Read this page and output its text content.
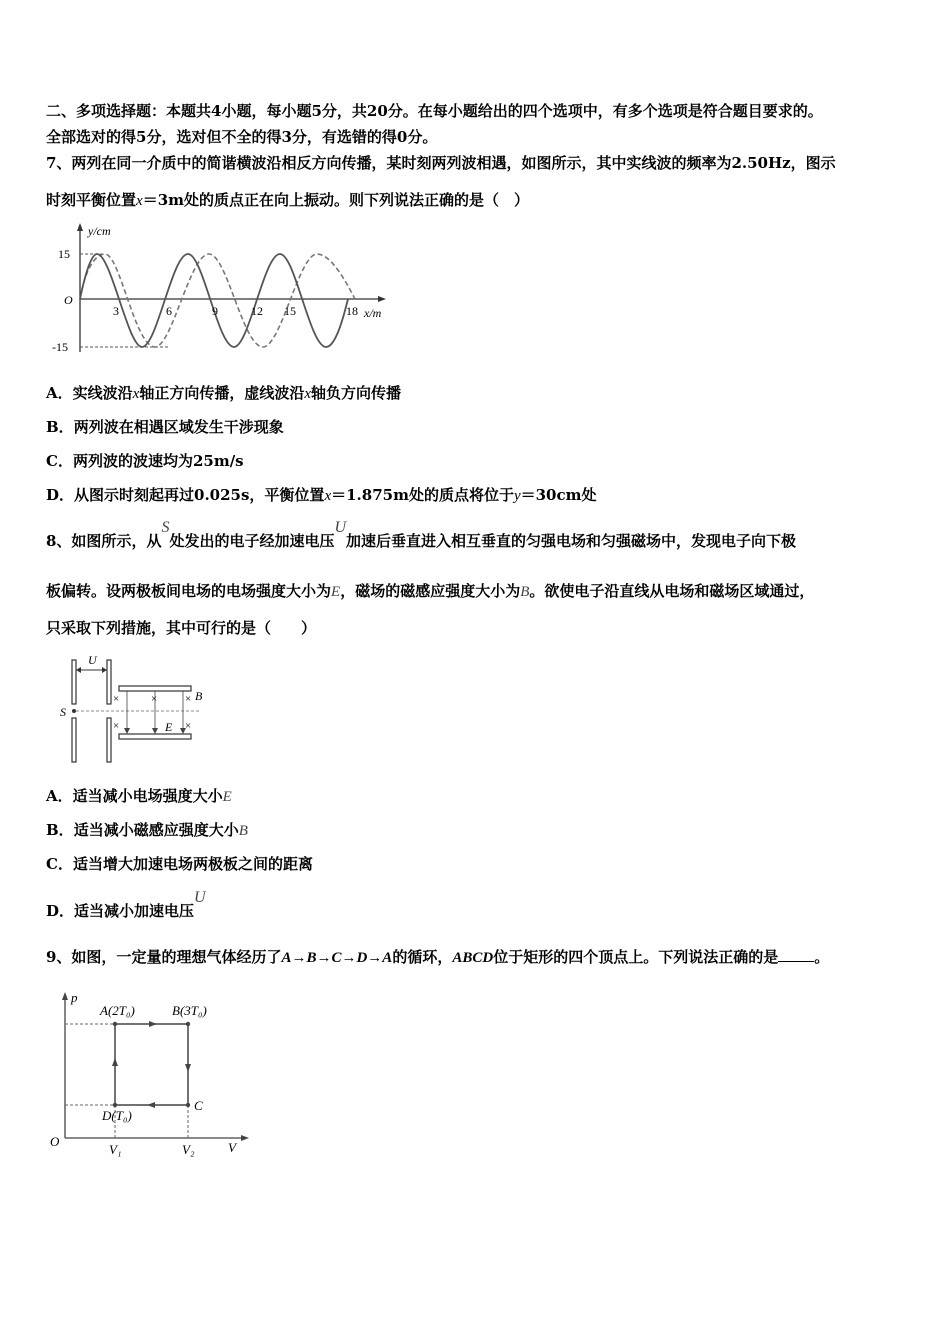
二、多项选择题：本题共4小题，每小题5分，共20分。在每小题给出的四个选项中，有多个选项是符合题目要求的。
全部选对的得5分，选对但不全的得3分，有选错的得0分。
7、两列在同一介质中的简谐横波沿相反方向传播，某时刻两列波相遇，如图所示，其中实线波的频率为2.50Hz，图示
时刻平衡位置x＝3m处的质点正在向上振动。则下列说法正确的是（　）
y/cm
15
O
-15
3	6	9	12 15	18 x/m
A．实线波沿x轴正方向传播，虚线波沿x轴负方向传播
B．两列波在相遇区域发生干涉现象
C．两列波的波速均为25m/s
D．从图示时刻起再过0.025s，平衡位置x＝1.875m处的质点将位于y＝30cm处
8、如图所示，从S处发出的电子经加速电压U加速后垂直进入相互垂直的匀强电场和匀强磁场中，发现电子向下极
板偏转。设两极板间电场的电场强度大小为E，磁场的磁感应强度大小为B。欲使电子沿直线从电场和磁场区域通过，
只采取下列措施，其中可行的是（　　）
U
S
×	×	×
×	×
E
B
A．适当减小电场强度大小E
B．适当减小磁感应强度大小B
C．适当增大加速电场两极板之间的距离
D．适当减小加速电压U
9、如图，一定量的理想气体经历了A→B→C→D→A的循环，ABCD位于矩形的四个顶点上。下列说法正确的是 。
p
A(2T₀)	B(3T₀)
C
D(T₀)
O
V₁	V₂	V
